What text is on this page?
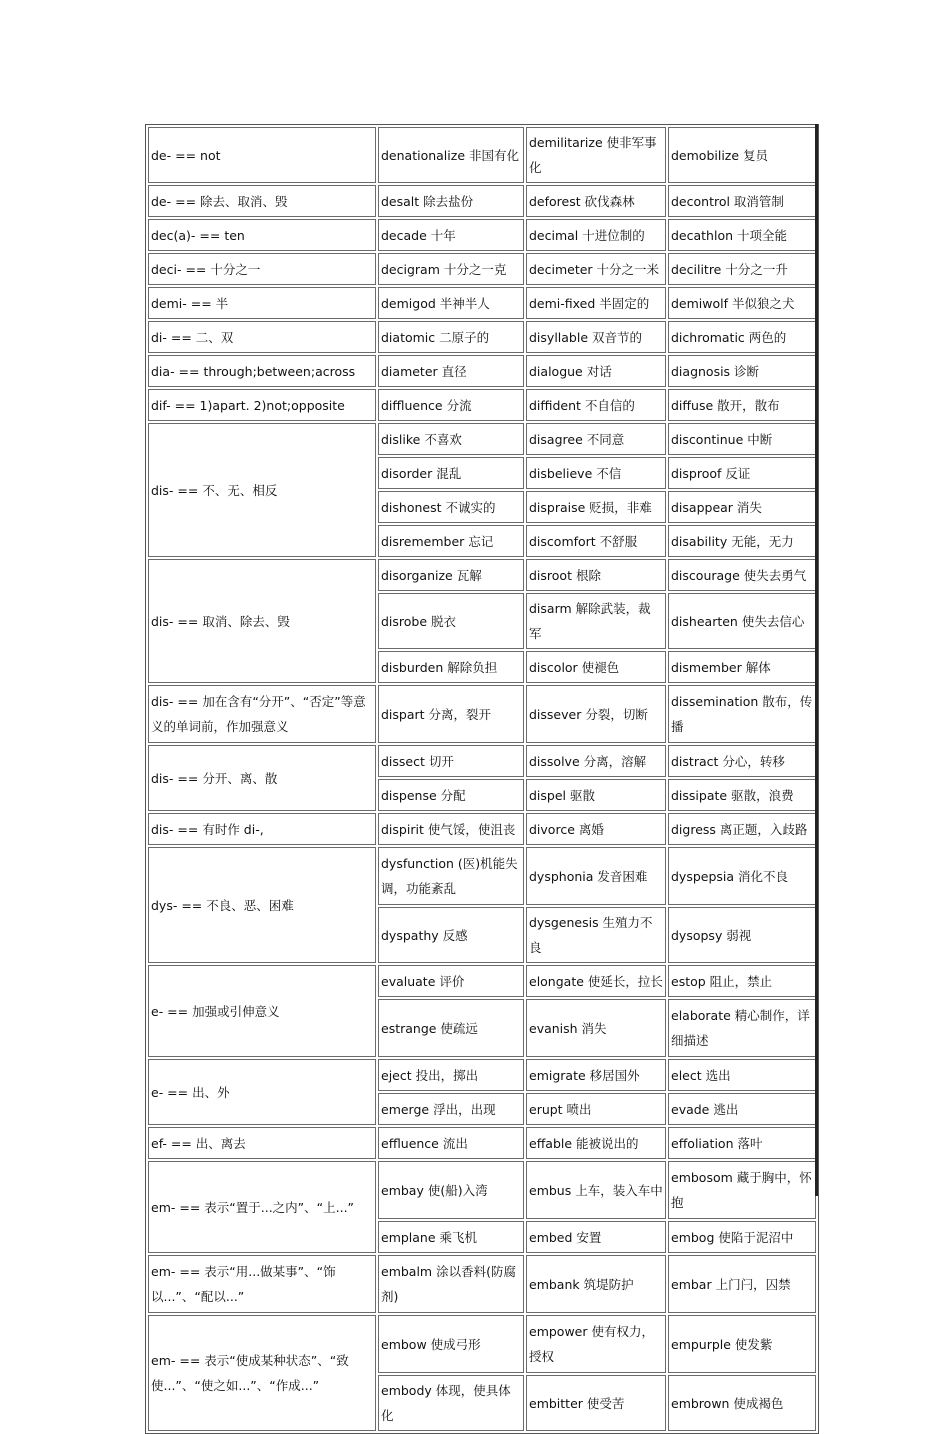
de- == not	denationalize 非国有化	demilitarize 使非军事化	demobilize 复员
de- == 除去、取消、毁	desalt 除去盐份	deforest 砍伐森林	decontrol 取消管制
dec(a)- == ten	decade 十年	decimal 十进位制的	decathlon 十项全能
deci- == 十分之一	decigram 十分之一克	decimeter 十分之一米	decilitre 十分之一升
demi- == 半	demigod 半神半人	demi-fixed 半固定的	demiwolf 半似狼之犬
di- == 二、双	diatomic 二原子的	disyllable 双音节的	dichromatic 两色的
dia- == through;between;across	diameter 直径	dialogue 对话	diagnosis 诊断
dif- == 1)apart. 2)not;opposite	diffluence 分流	diffident 不自信的	diffuse 散开，散布
dis- == 不、无、相反	dislike 不喜欢	disagree 不同意	discontinue 中断
	disorder 混乱	disbelieve 不信	disproof 反证
	dishonest 不诚实的	dispraise 贬损，非难	disappear 消失
	disremember 忘记	discomfort 不舒服	disability 无能，无力
dis- == 取消、除去、毁	disorganize 瓦解	disroot 根除	discourage 使失去勇气
	disrobe 脱衣	disarm 解除武装，裁军	dishearten 使失去信心
	disburden 解除负担	discolor 使褪色	dismember 解体
dis- == 加在含有“分开”、“否定”等意义的单词前，作加强意义	dispart 分离，裂开	dissever 分裂，切断	dissemination 散布，传播
dis- == 分开、离、散	dissect 切开	dissolve 分离，溶解	distract 分心，转移
	dispense 分配	dispel 驱散	dissipate 驱散，浪费
dis- == 有时作 di-,	dispirit 使气馁，使沮丧	divorce 离婚	digress 离正题，入歧路
dys- == 不良、恶、困难	dysfunction (医)机能失调，功能紊乱	dysphonia 发音困难	dyspepsia 消化不良
	dyspathy 反感	dysgenesis 生殖力不良	dysopsy 弱视
e- == 加强或引伸意义	evaluate 评价	elongate 使延长，拉长	estop 阻止，禁止
	estrange 使疏远	evanish 消失	elaborate 精心制作，详细描述
e- == 出、外	eject 投出，掷出	emigrate 移居国外	elect 选出
	emerge 浮出，出现	erupt 喷出	evade 逃出
ef- == 出、离去	effluence 流出	effable 能被说出的	effoliation 落叶
em- == 表示“置于...之内”、“上...”	embay 使(船)入湾	embus 上车，装入车中	embosom 藏于胸中，怀抱
	emplane 乘飞机	embed 安置	embog 使陷于泥沼中
em- == 表示“用...做某事”、“饰以...”、“配以...”	embalm 涂以香料(防腐剂)	embank 筑堤防护	embar 上门闩，囚禁
em- == 表示“使成某种状态”、“致使...”、“使之如...”、“作成...”	embow 使成弓形	empower 使有权力，授权	empurple 使发紫
	embody 体现，使具体化	embitter 使受苦	embrown 使成褐色
